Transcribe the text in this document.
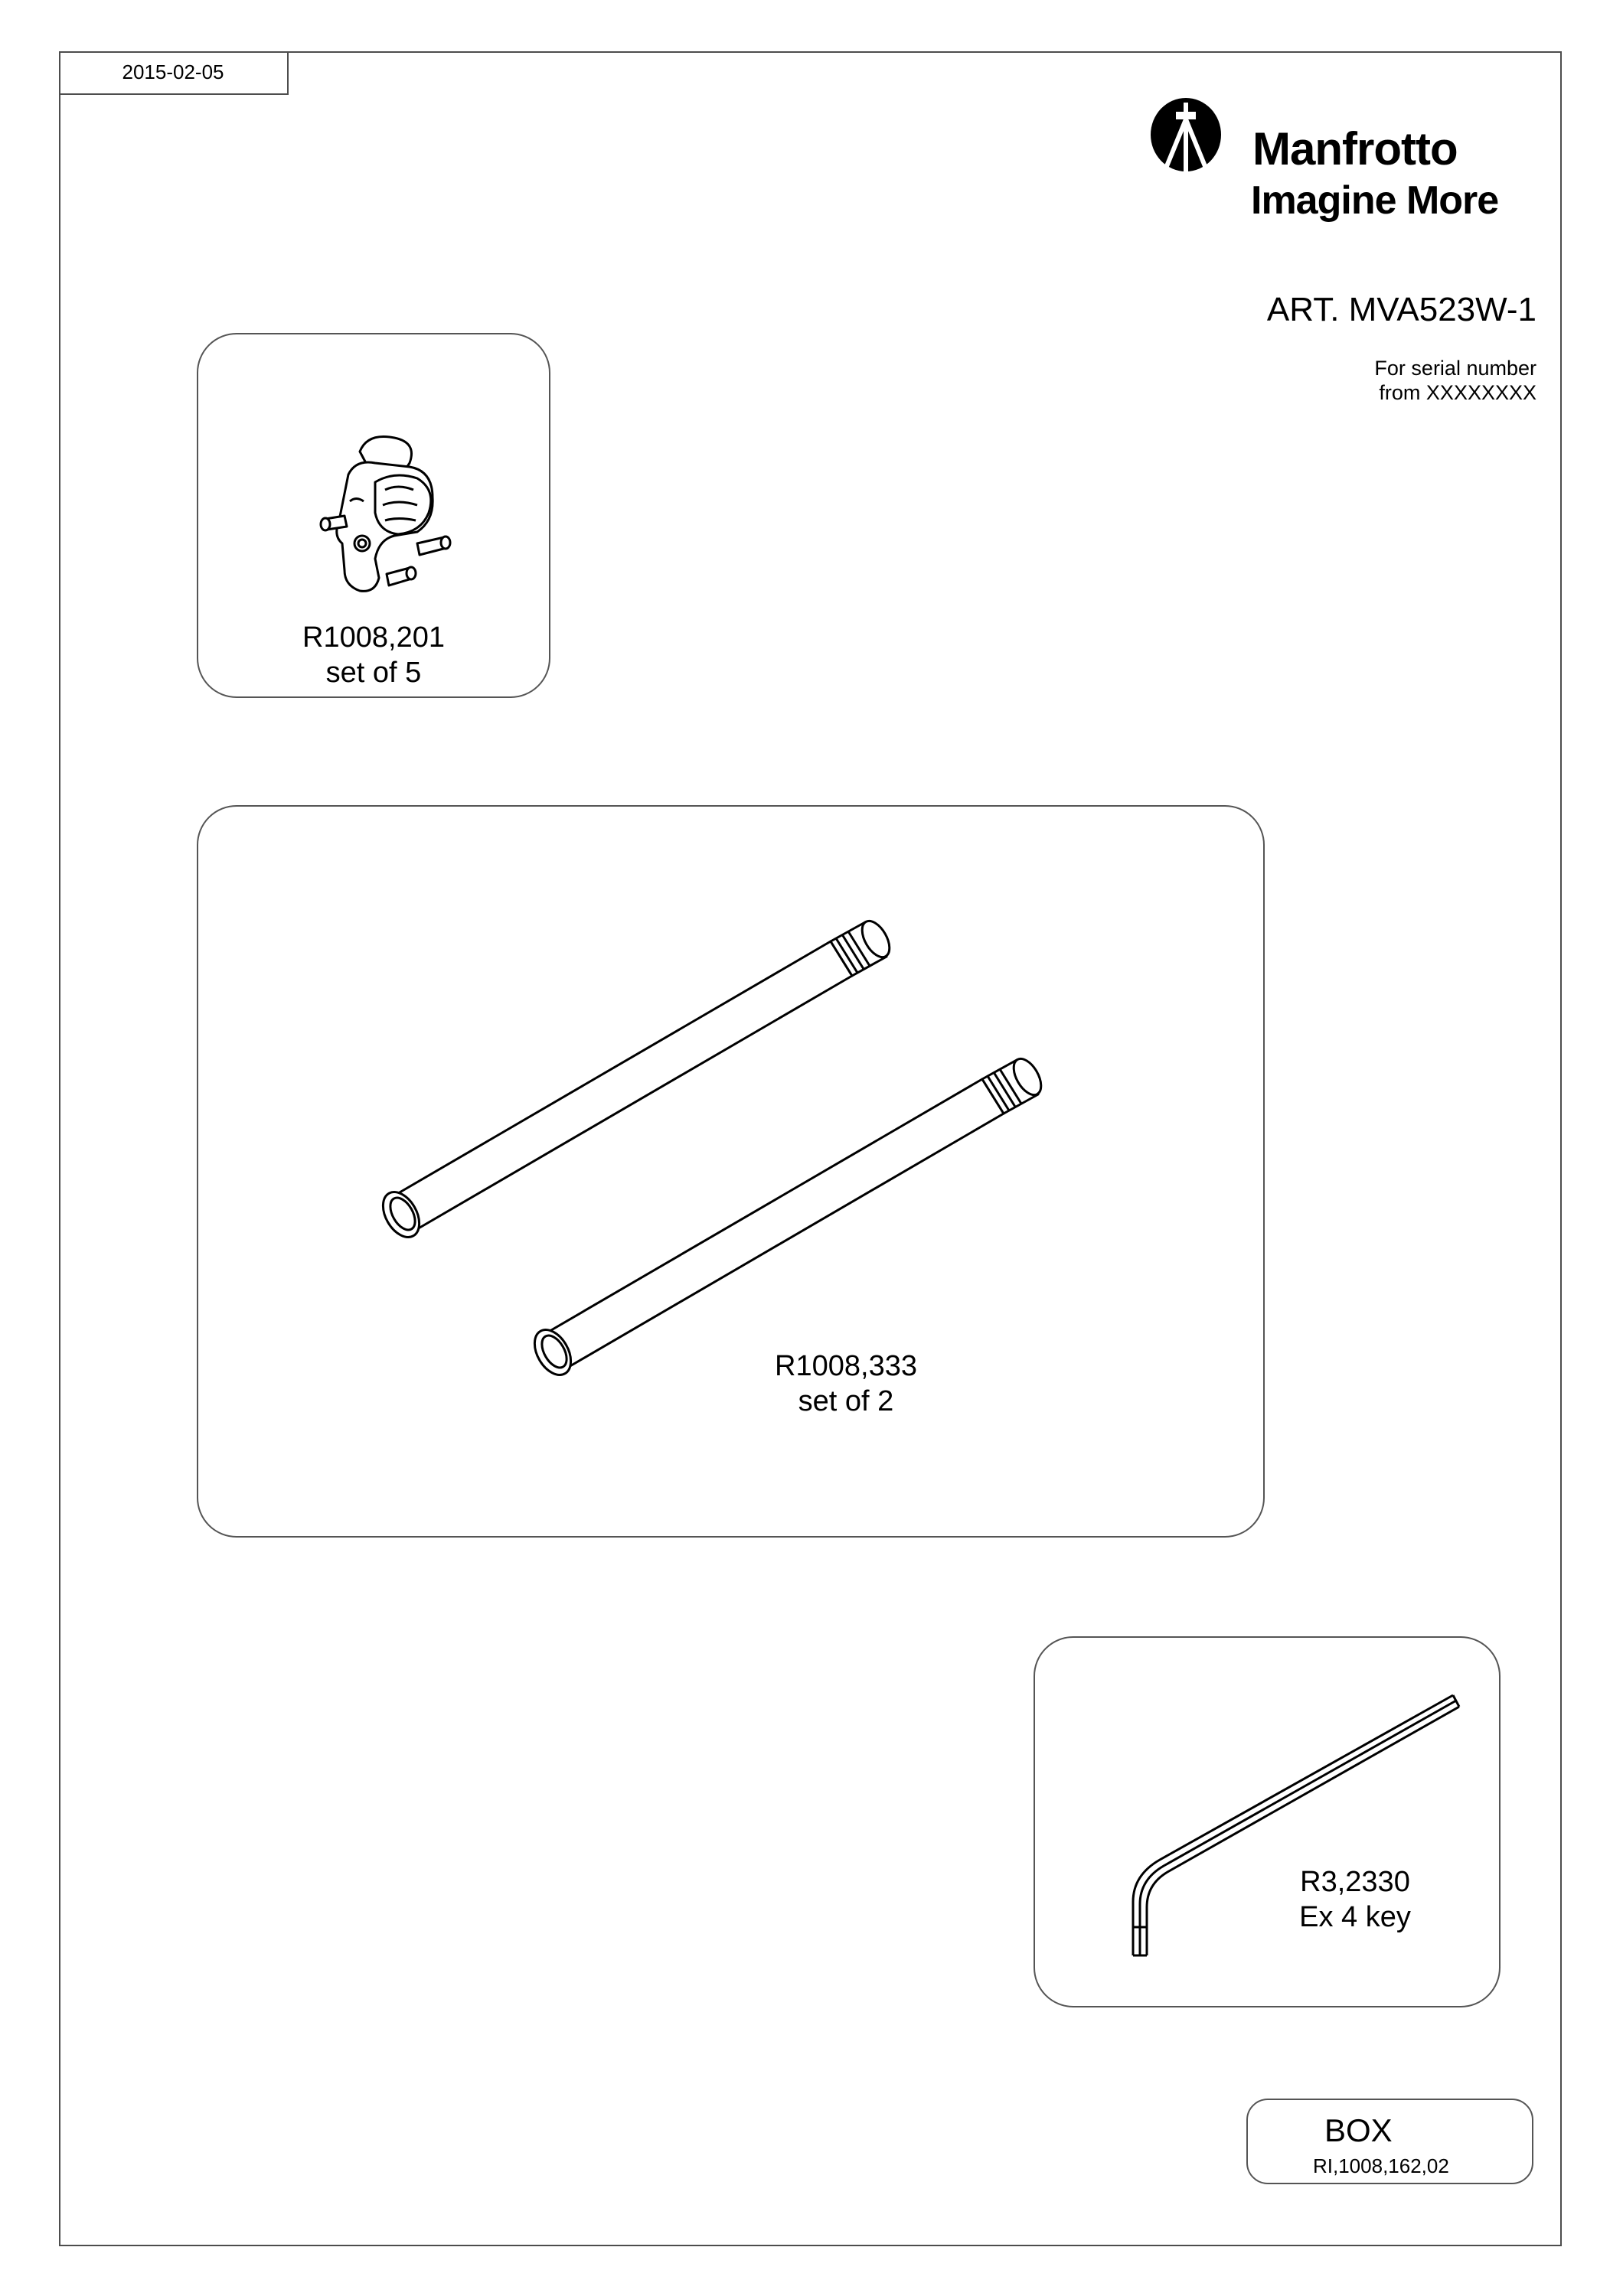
2015-02-05
Manfrotto
Imagine More
ART. MVA523W-1
For serial number
from XXXXXXXX
R1008,201
set of 5
R1008,333
set of 2
R3,2330
Ex 4 key
BOX
RI,1008,162,02
